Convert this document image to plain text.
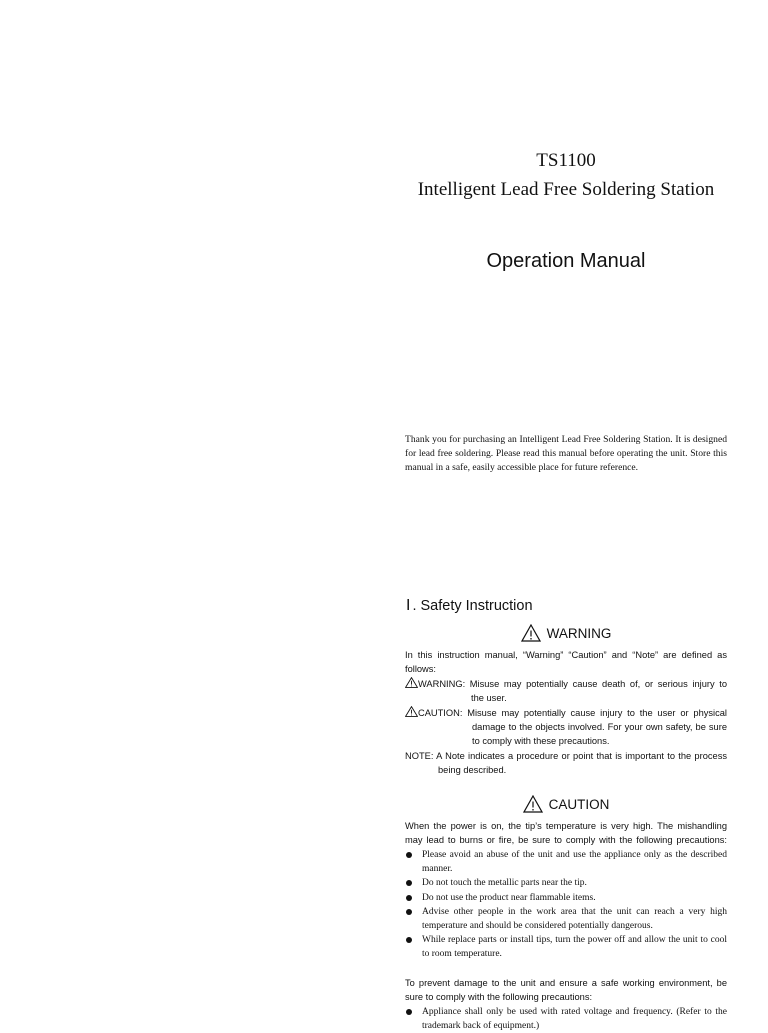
TS1100
Intelligent Lead Free Soldering Station
Operation Manual
Thank you for purchasing an Intelligent Lead Free Soldering Station. It is designed
for lead free soldering. Please read this manual before operating the unit. Store this
manual in a safe, easily accessible place for future reference.
Ⅰ . Safety Instruction
WARNING
In this instruction manual, “Warning” “Caution” and “Note” are defined as
follows:
WARNING: Misuse may potentially cause death of, or serious injury to
the user.
CAUTION: Misuse may potentially cause injury to the user or physical
damage to the objects involved. For your own safety, be sure
to comply with these precautions.
NOTE: A Note indicates a procedure or point that is important to the process
being described.
CAUTION
When the power is on, the tip’s temperature is very high. The mishandling
may lead to burns or fire, be sure to comply with the following precautions:
Please avoid an abuse of the unit and use the appliance only as the described
manner.
Do not touch the metallic parts near the tip.
Do not use the product near flammable items.
Advise other people in the work area that the unit can reach a very high
temperature and should be considered potentially dangerous.
While replace parts or install tips, turn the power off and allow the unit to cool
to room temperature.
To prevent damage to the unit and ensure a safe working environment, be
sure to comply with the following precautions:
Appliance shall only be used with rated voltage and frequency. (Refer to the
trademark back of equipment.)
